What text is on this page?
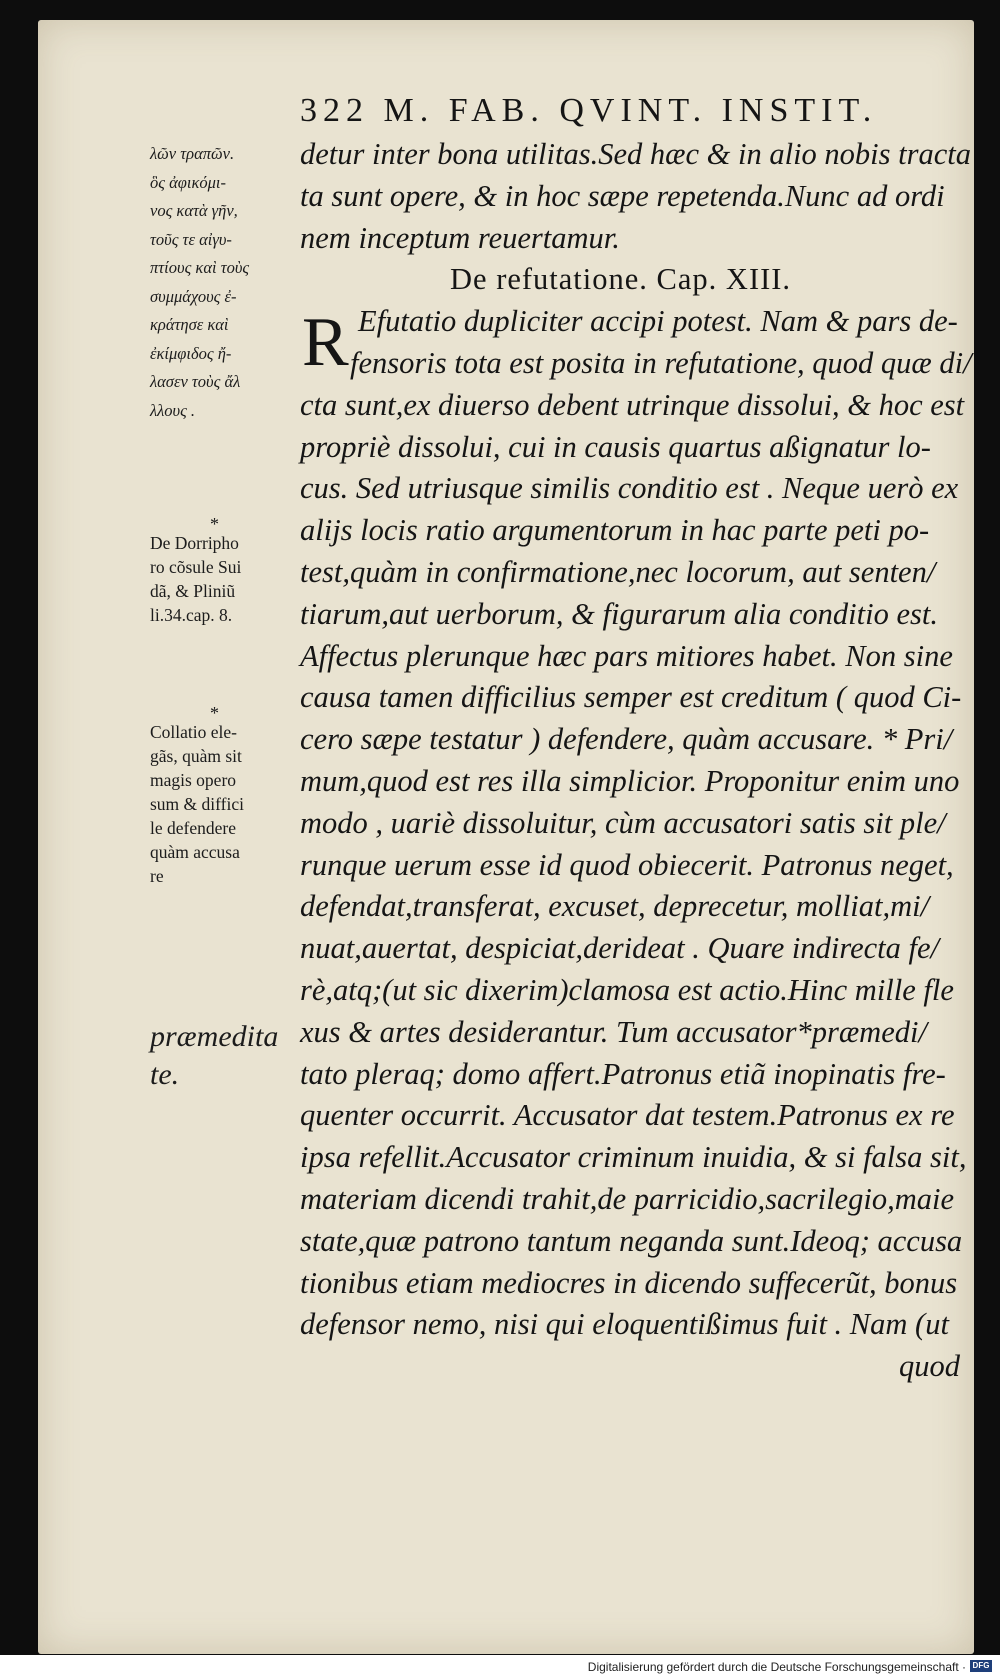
322 M. FAB. QVINT. INSTIT.
R
detur inter bona utilitas.Sed hæc & in alio nobis tracta
ta sunt opere, & in hoc sæpe repetenda.Nunc ad ordi
nem inceptum reuertamur.
De refutatione. Cap. XIII.
Efutatio dupliciter accipi potest. Nam & pars de-
fensoris tota est posita in refutatione, quod quæ di/
cta sunt,ex diuerso debent utrinque dissolui, & hoc est
propriè dissolui, cui in causis quartus aßignatur lo-
cus. Sed utriusque similis conditio est . Neque uerò ex
alijs locis ratio argumentorum in hac parte peti po-
test,quàm in confirmatione,nec locorum, aut senten/
tiarum,aut uerborum, & figurarum alia conditio est.
Affectus plerunque hæc pars mitiores habet. Non sine
causa tamen difficilius semper est creditum ( quod Ci-
cero sæpe testatur ) defendere, quàm accusare. * Pri/
mum,quod est res illa simplicior. Proponitur enim uno
modo , uariè dissoluitur, cùm accusatori satis sit ple/
runque uerum esse id quod obiecerit. Patronus neget,
defendat,transferat, excuset, deprecetur, molliat,mi/
nuat,auertat, despiciat,derideat . Quare indirecta fe/
rè,atq;(ut sic dixerim)clamosa est actio.Hinc mille fle
xus & artes desiderantur. Tum accusator*præmedi/
tato pleraq; domo affert.Patronus etiã inopinatis fre-
quenter occurrit. Accusator dat testem.Patronus ex re
ipsa refellit.Accusator criminum inuidia, & si falsa sit,
materiam dicendi trahit,de parricidio,sacrilegio,maie
state,quæ patrono tantum neganda sunt.Ideoq; accusa
tionibus etiam mediocres in dicendo suffecerũt, bonus
defensor nemo, nisi qui eloquentißimus fuit . Nam (ut
quod
λῶν τραπῶν.
ὃς ἀφικόμι-
νος κατὰ γῆν,
τοῦς τε αἰγυ-
πτίους καὶ τοὺς
συμμάχους ἐ-
κράτησε καὶ
ἐκίμφιδος ἤ-
λασεν τοὺς ἄλ
λλους .
*
De Dorripho
ro cõsule Sui
dã, & Pliniũ
li.34.cap. 8.
*
Collatio ele-
gãs, quàm sit
magis opero
sum & diffici
le defendere
quàm accusa
re
præmedita
te.
Digitalisierung gefördert durch die Deutsche Forschungsgemeinschaft · DFG
